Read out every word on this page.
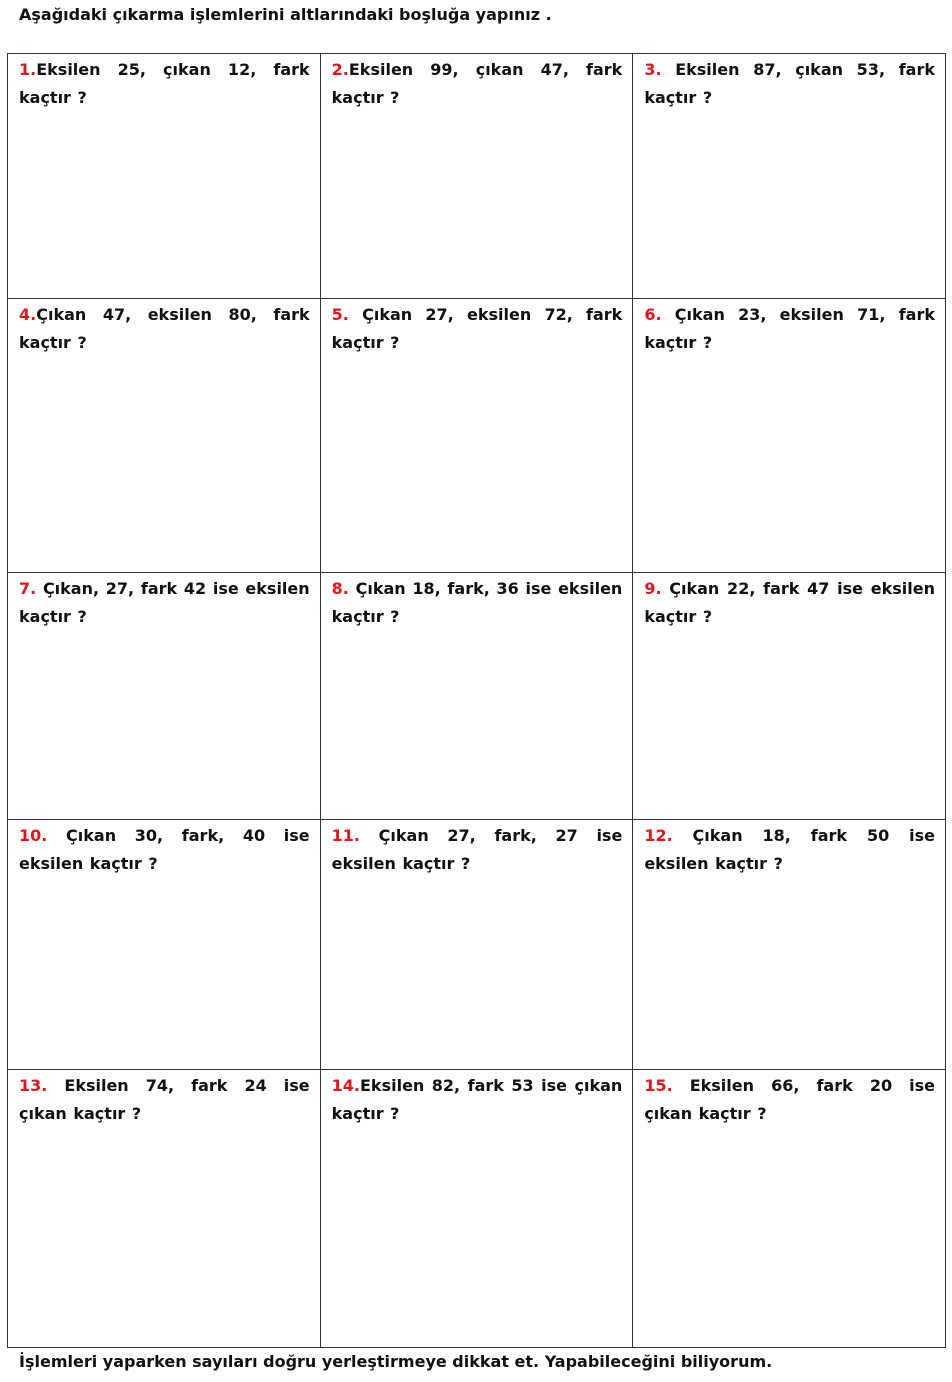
Aşağıdaki çıkarma işlemlerini altlarındaki boşluğa yapınız .
1.Eksilen 25, çıkan 12, fark kaçtır ?	2.Eksilen 99, çıkan 47, fark kaçtır ?	3. Eksilen 87, çıkan 53, fark kaçtır ?

4.Çıkan 47, eksilen 80, fark kaçtır ?	5. Çıkan 27, eksilen 72, fark kaçtır ?	6. Çıkan 23, eksilen 71, fark kaçtır ?

7. Çıkan, 27, fark 42 ise eksilen kaçtır ?	8. Çıkan 18, fark, 36 ise eksilen kaçtır ?	9. Çıkan 22, fark 47 ise eksilen kaçtır ?

10. Çıkan 30, fark, 40 ise eksilen kaçtır ?	11. Çıkan 27, fark, 27 ise eksilen kaçtır ?	12. Çıkan 18, fark 50 ise eksilen kaçtır ?

13. Eksilen 74, fark 24 ise çıkan kaçtır ?	14.Eksilen 82, fark 53 ise çıkan kaçtır ?	15. Eksilen 66, fark 20 ise çıkan kaçtır ?
İşlemleri yaparken sayıları doğru yerleştirmeye dikkat et. Yapabileceğini biliyorum.
